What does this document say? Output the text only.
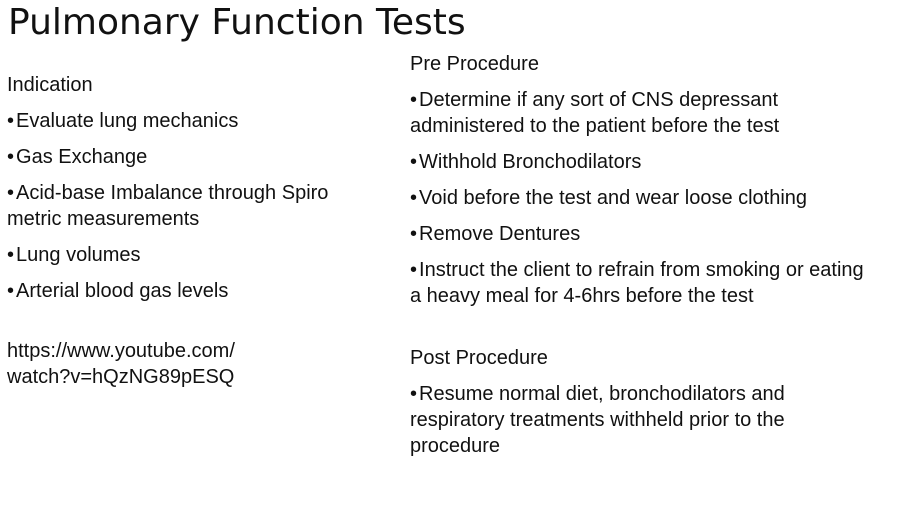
Pulmonary Function Tests
Indication
• Evaluate lung mechanics
• Gas Exchange
• Acid-base Imbalance through Spiro metric measurements
• Lung volumes
• Arterial blood gas levels
https://www.youtube.com/
watch?v=hQzNG89pESQ
Pre Procedure
• Determine if any sort of CNS depressant administered to the patient before the test
• Withhold Bronchodilators
• Void before the test and wear loose clothing
• Remove Dentures
• Instruct the client to refrain from smoking or eating a heavy meal for 4-6hrs before the test
Post Procedure
• Resume normal diet, bronchodilators and respiratory treatments withheld prior to the procedure
